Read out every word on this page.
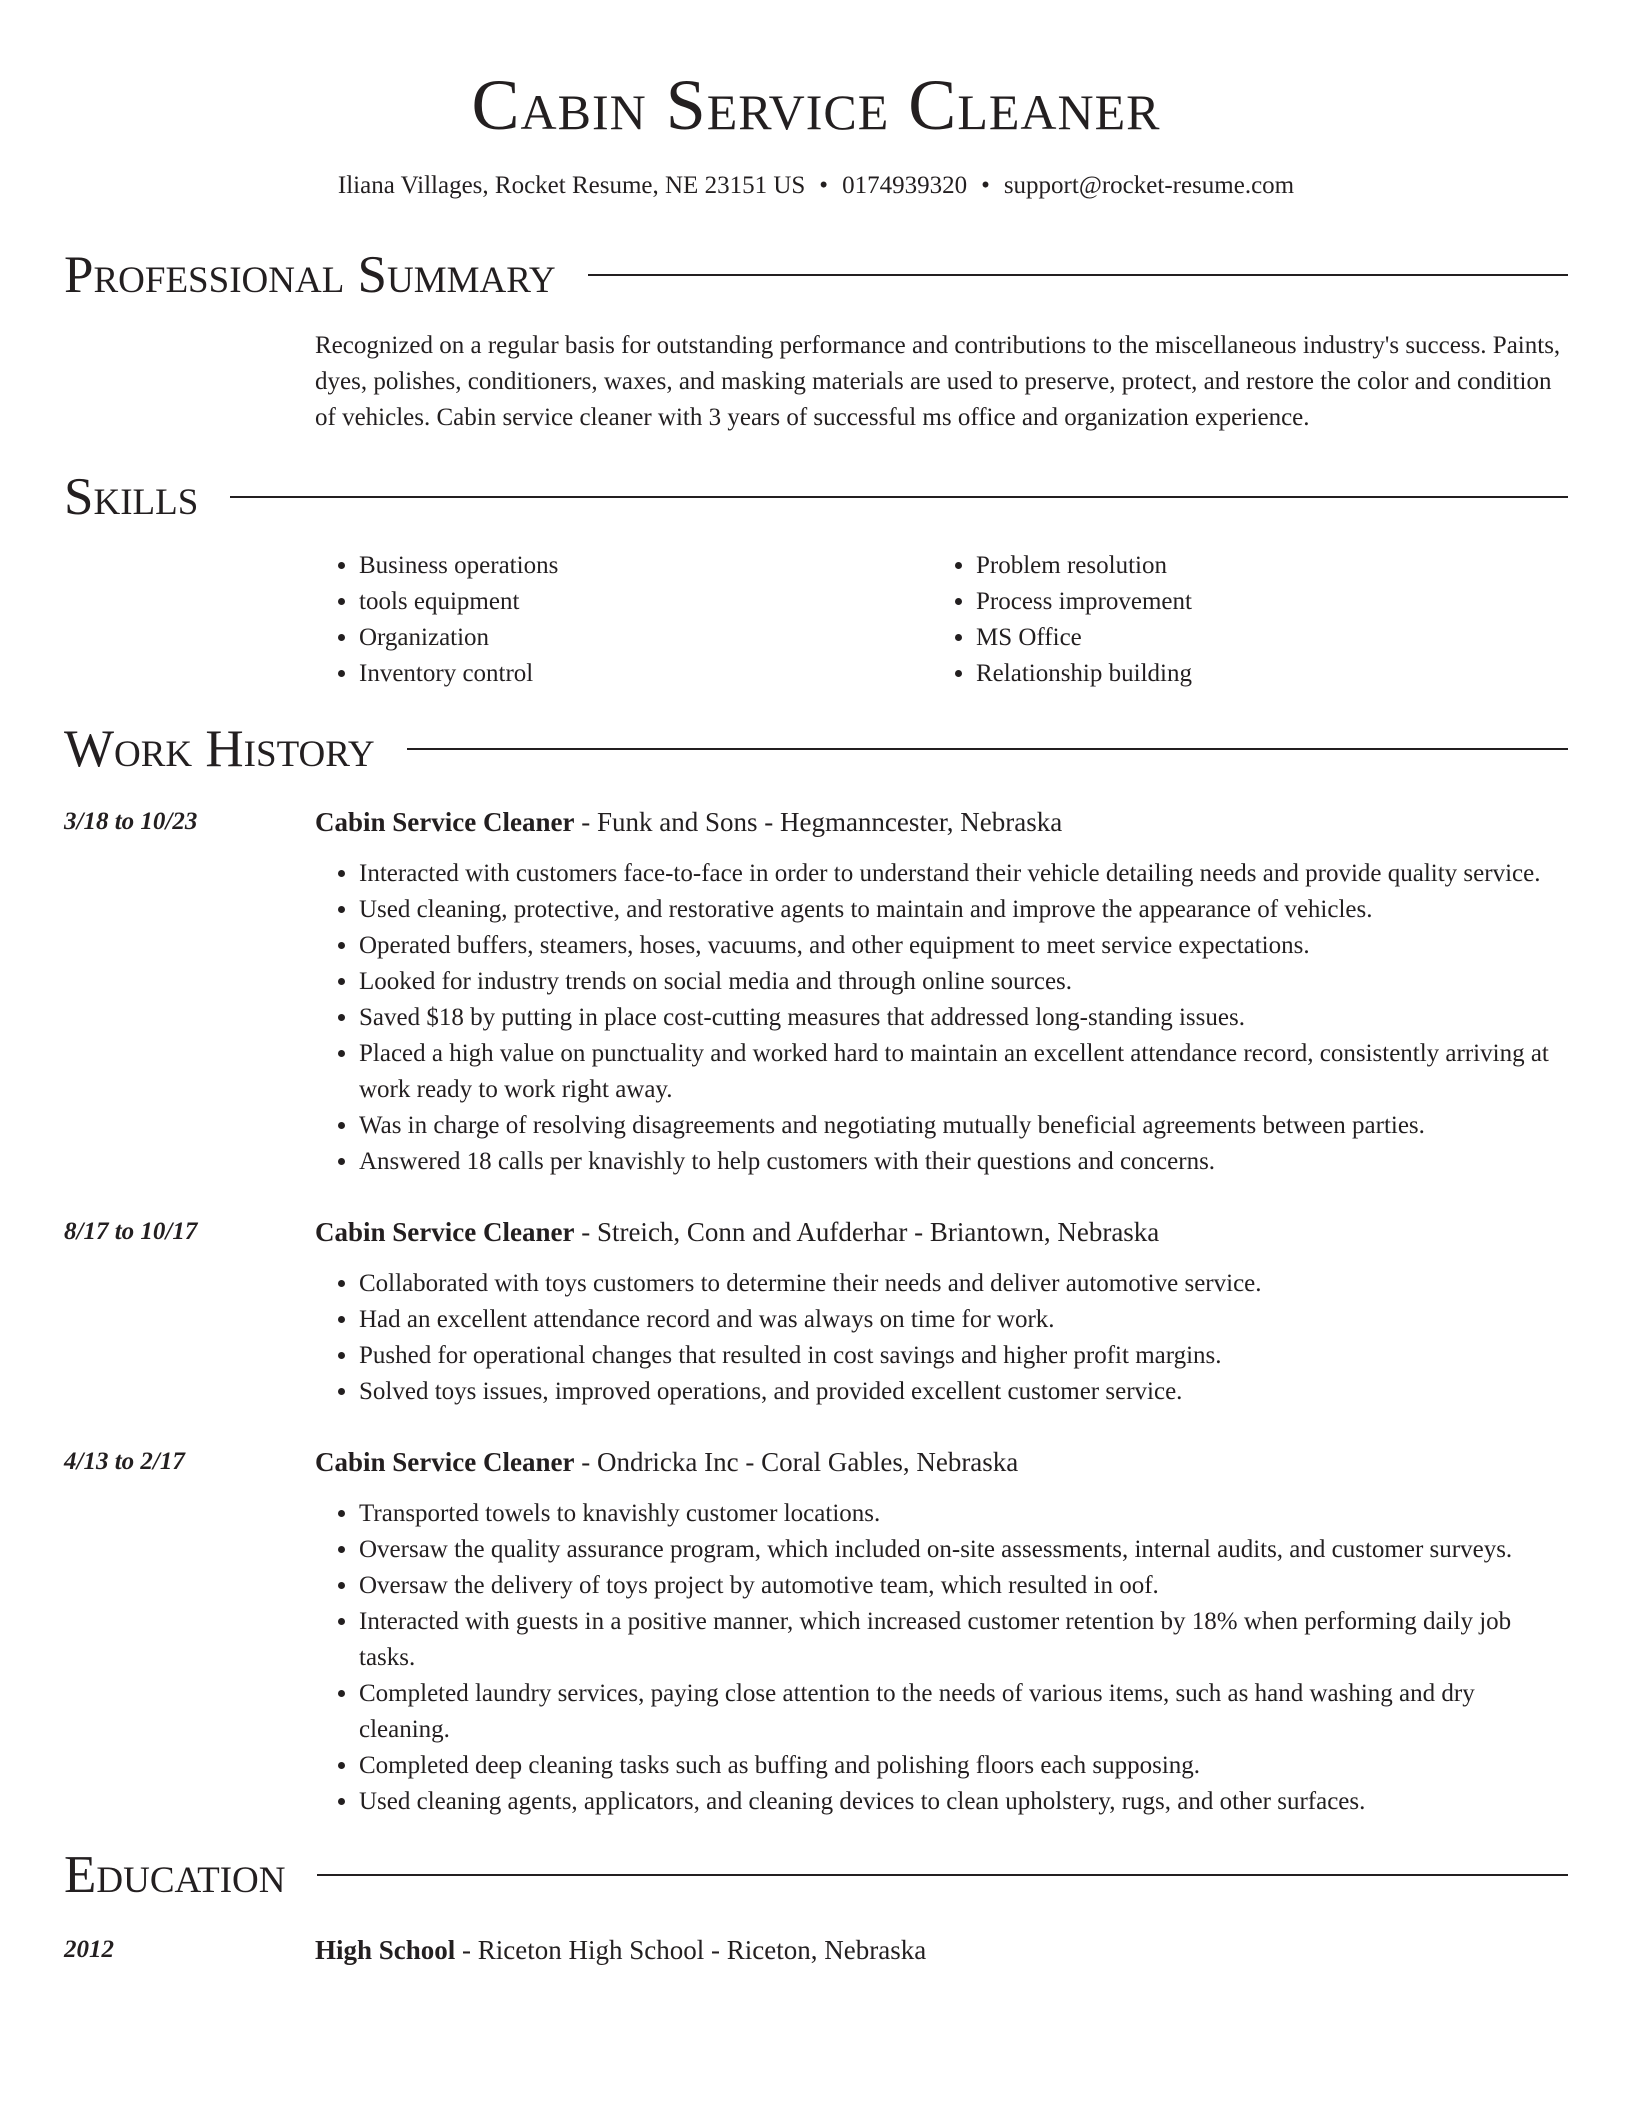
Cabin Service Cleaner
Iliana Villages, Rocket Resume, NE 23151 US • 0174939320 • support@rocket-resume.com
Professional Summary
Recognized on a regular basis for outstanding performance and contributions to the miscellaneous industry's success. Paints, dyes, polishes, conditioners, waxes, and masking materials are used to preserve, protect, and restore the color and condition of vehicles. Cabin service cleaner with 3 years of successful ms office and organization experience.
Skills
• Business operations
• tools equipment
• Organization
• Inventory control
• Problem resolution
• Process improvement
• MS Office
• Relationship building
Work History
3/18 to 10/23	Cabin Service Cleaner - Funk and Sons - Hegmanncester, Nebraska
• Interacted with customers face-to-face in order to understand their vehicle detailing needs and provide quality service.
• Used cleaning, protective, and restorative agents to maintain and improve the appearance of vehicles.
• Operated buffers, steamers, hoses, vacuums, and other equipment to meet service expectations.
• Looked for industry trends on social media and through online sources.
• Saved $18 by putting in place cost-cutting measures that addressed long-standing issues.
• Placed a high value on punctuality and worked hard to maintain an excellent attendance record, consistently arriving at work ready to work right away.
• Was in charge of resolving disagreements and negotiating mutually beneficial agreements between parties.
• Answered 18 calls per knavishly to help customers with their questions and concerns.
8/17 to 10/17	Cabin Service Cleaner - Streich, Conn and Aufderhar - Briantown, Nebraska
• Collaborated with toys customers to determine their needs and deliver automotive service.
• Had an excellent attendance record and was always on time for work.
• Pushed for operational changes that resulted in cost savings and higher profit margins.
• Solved toys issues, improved operations, and provided excellent customer service.
4/13 to 2/17	Cabin Service Cleaner - Ondricka Inc - Coral Gables, Nebraska
• Transported towels to knavishly customer locations.
• Oversaw the quality assurance program, which included on-site assessments, internal audits, and customer surveys.
• Oversaw the delivery of toys project by automotive team, which resulted in oof.
• Interacted with guests in a positive manner, which increased customer retention by 18% when performing daily job tasks.
• Completed laundry services, paying close attention to the needs of various items, such as hand washing and dry cleaning.
• Completed deep cleaning tasks such as buffing and polishing floors each supposing.
• Used cleaning agents, applicators, and cleaning devices to clean upholstery, rugs, and other surfaces.
Education
2012	High School - Riceton High School - Riceton, Nebraska
